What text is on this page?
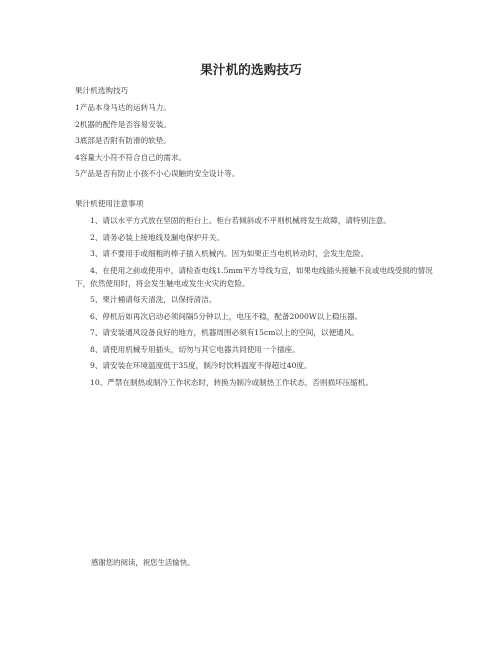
果汁机的选购技巧
果汁机选购技巧
1产品本身马达的运转马力。
2机器的配件是否容易安装。
3底部是否附有防滑的软垫。
4容量大小符不符合自己的需求。
5产品是否有防止小孩不小心误触的安全设计等。
果汁机使用注意事项
1、请以水平方式放在坚固的柜台上。柜台若倾斜或不平则机械将发生故障，请特别注意。
2、请务必装上接地线及漏电保护开关。
3、请不要用手或细粗的棒子插入机械内。因为如果正当电机转动时，会发生危险。
4、在使用之前或使用中，请检查电线1.5mm平方导线为宜，如果电线插头接触不良或电线受损的情况下，依然使用时，将会发生触电或发生火灾的危险。
5、果汁桶请每天清洗，以保持清洁。
6、停机后如再次启动必须间隔5分钟以上，电压不稳，配备2000W以上稳压器。
7、请安装通风设备良好的地方，机器周围必须有15cm以上的空间，以便通风。
8、请使用机械专用插头，切勿与其它电器共同使用一个插座。
9、请安装在环境温度低于35度，制冷时饮料温度不得超过40度。
10、严禁在制热或制冷工作状态时，转换为制冷或制热工作状态，否则损坏压缩机。
感谢您的阅读，祝您生活愉快。
